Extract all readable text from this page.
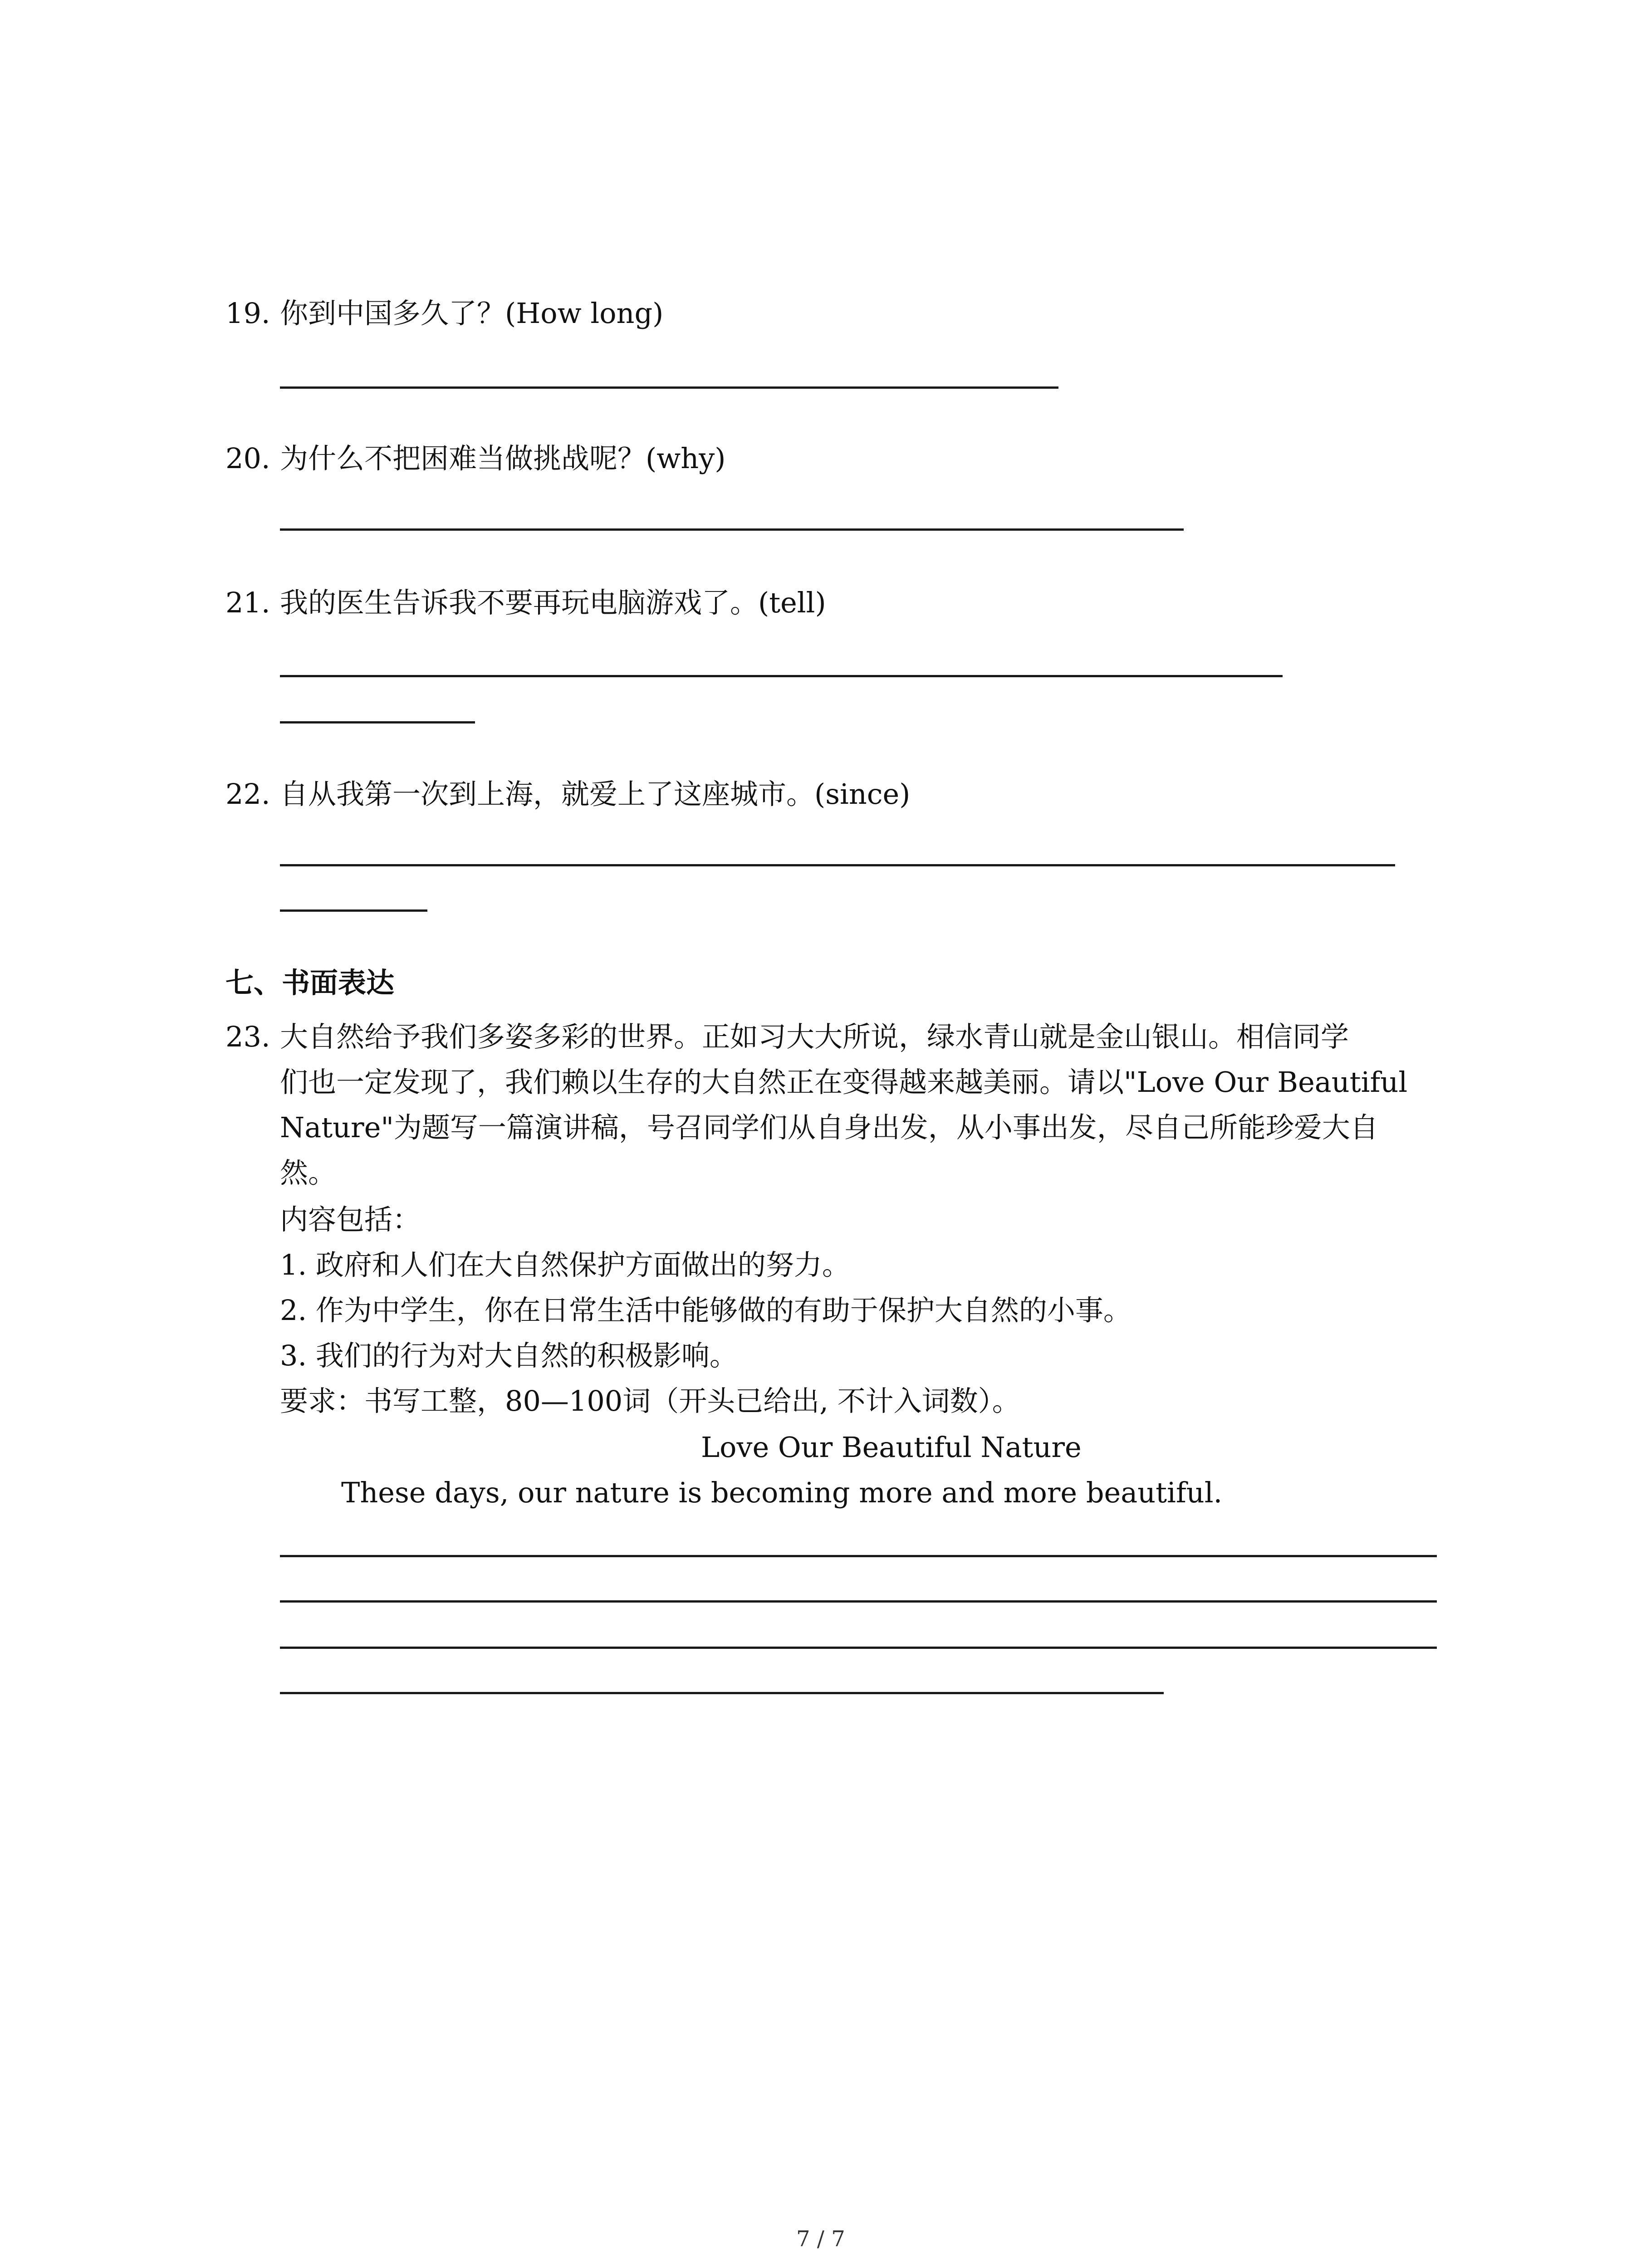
19. 你到中国多久了？(How long)
20. 为什么不把困难当做挑战呢？(why)
21. 我的医生告诉我不要再玩电脑游戏了。(tell)
22. 自从我第一次到上海，就爱上了这座城市。(since)
七、书面表达
23. 大自然给予我们多姿多彩的世界。正如习大大所说，绿水青山就是金山银山。相信同学
们也一定发现了，我们赖以生存的大自然正在变得越来越美丽。请以"Love Our Beautiful
Nature"为题写一篇演讲稿，号召同学们从自身出发，从小事出发，尽自己所能珍爱大自
然。
内容包括：
1. 政府和人们在大自然保护方面做出的努力。
2. 作为中学生，你在日常生活中能够做的有助于保护大自然的小事。
3. 我们的行为对大自然的积极影响。
要求：书写工整，80—100词（开头已给出, 不计入词数）。
Love Our Beautiful Nature
These days, our nature is becoming more and more beautiful.
7 / 7
